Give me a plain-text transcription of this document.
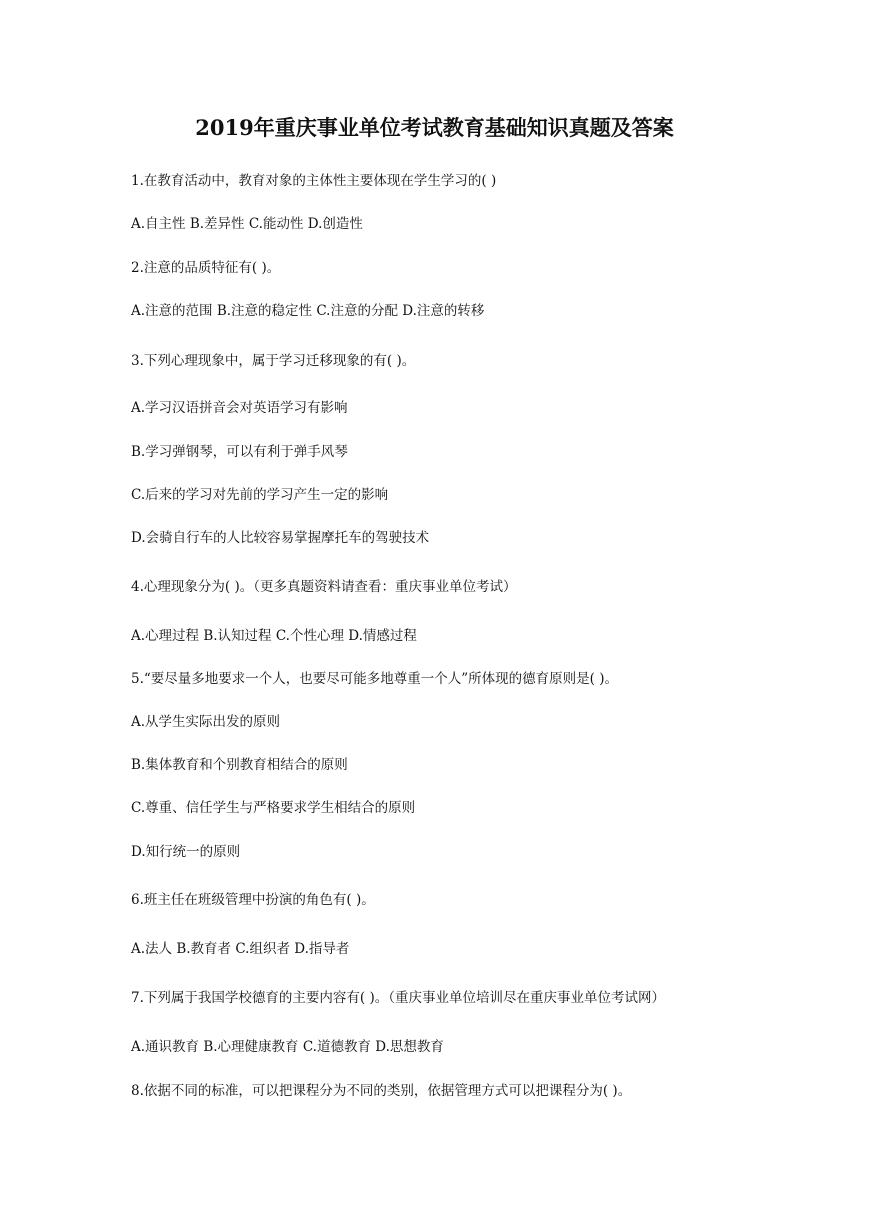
2019年重庆事业单位考试教育基础知识真题及答案
1.在教育活动中，教育对象的主体性主要体现在学生学习的( )
A.自主性 B.差异性 C.能动性 D.创造性
2.注意的品质特征有( )。
A.注意的范围 B.注意的稳定性 C.注意的分配 D.注意的转移
3.下列心理现象中，属于学习迁移现象的有( )。
A.学习汉语拼音会对英语学习有影响
B.学习弹钢琴，可以有利于弹手风琴
C.后来的学习对先前的学习产生一定的影响
D.会骑自行车的人比较容易掌握摩托车的驾驶技术
4.心理现象分为( )。（更多真题资料请查看：重庆事业单位考试）
A.心理过程 B.认知过程 C.个性心理 D.情感过程
5.“要尽量多地要求一个人，也要尽可能多地尊重一个人”所体现的德育原则是( )。
A.从学生实际出发的原则
B.集体教育和个别教育相结合的原则
C.尊重、信任学生与严格要求学生相结合的原则
D.知行统一的原则
6.班主任在班级管理中扮演的角色有( )。
A.法人 B.教育者 C.组织者 D.指导者
7.下列属于我国学校德育的主要内容有( )。（重庆事业单位培训尽在重庆事业单位考试网）
A.通识教育 B.心理健康教育 C.道德教育 D.思想教育
8.依据不同的标准，可以把课程分为不同的类别，依据管理方式可以把课程分为( )。
